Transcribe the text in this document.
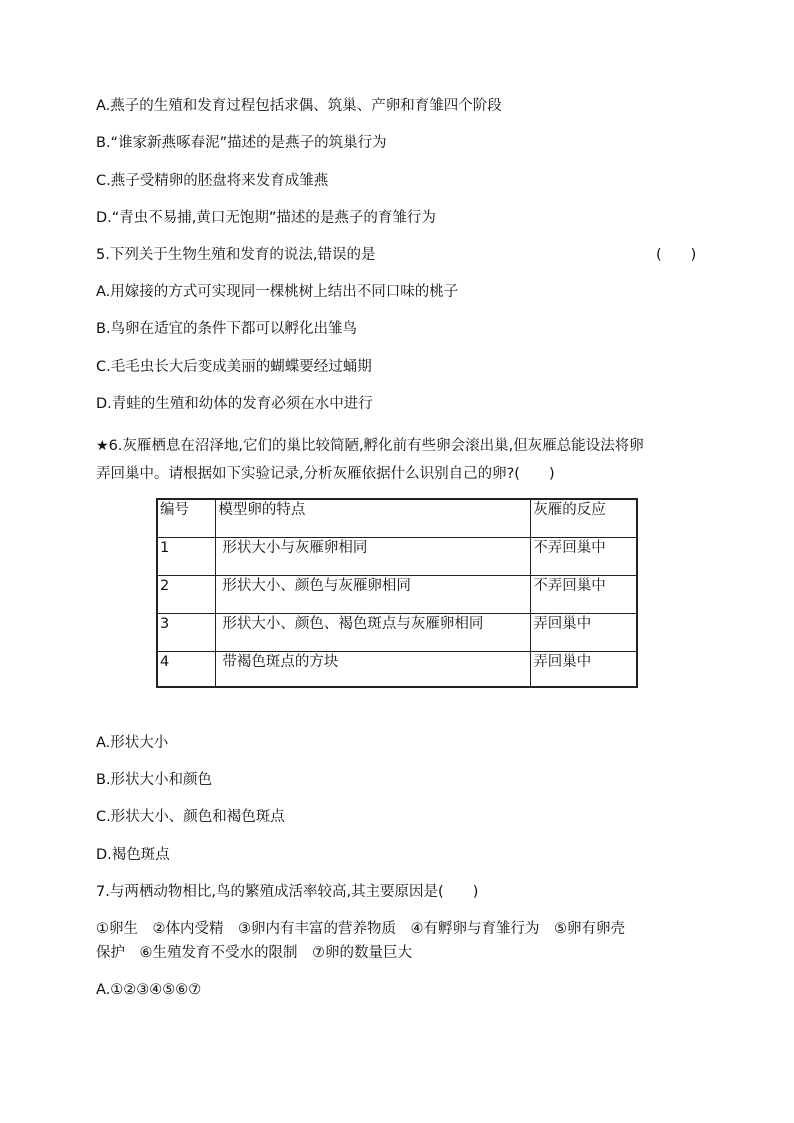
A.燕子的生殖和发育过程包括求偶、筑巢、产卵和育雏四个阶段

B.“谁家新燕啄春泥”描述的是燕子的筑巢行为

C.燕子受精卵的胚盘将来发育成雏燕

D.“青虫不易捕,黄口无饱期”描述的是燕子的育雏行为

5.下列关于生物生殖和发育的说法,错误的是	(　　)

A.用嫁接的方式可实现同一棵桃树上结出不同口味的桃子

B.鸟卵在适宜的条件下都可以孵化出雏鸟

C.毛毛虫长大后变成美丽的蝴蝶要经过蛹期

D.青蛙的生殖和幼体的发育必须在水中进行

★6.灰雁栖息在沼泽地,它们的巢比较简陋,孵化前有些卵会滚出巢,但灰雁总能设法将卵

弄回巢中。请根据如下实验记录,分析灰雁依据什么识别自己的卵?(　　)

编号	模型卵的特点	灰雁的反应
1	形状大小与灰雁卵相同	不弄回巢中
2	形状大小、颜色与灰雁卵相同	不弄回巢中
3	形状大小、颜色、褐色斑点与灰雁卵相同	弄回巢中
4	带褐色斑点的方块	弄回巢中

A.形状大小

B.形状大小和颜色

C.形状大小、颜色和褐色斑点

D.褐色斑点

7.与两栖动物相比,鸟的繁殖成活率较高,其主要原因是(　　)

①卵生　②体内受精　③卵内有丰富的营养物质　④有孵卵与育雏行为　⑤卵有卵壳

保护　⑥生殖发育不受水的限制　⑦卵的数量巨大

A.①②③④⑤⑥⑦
